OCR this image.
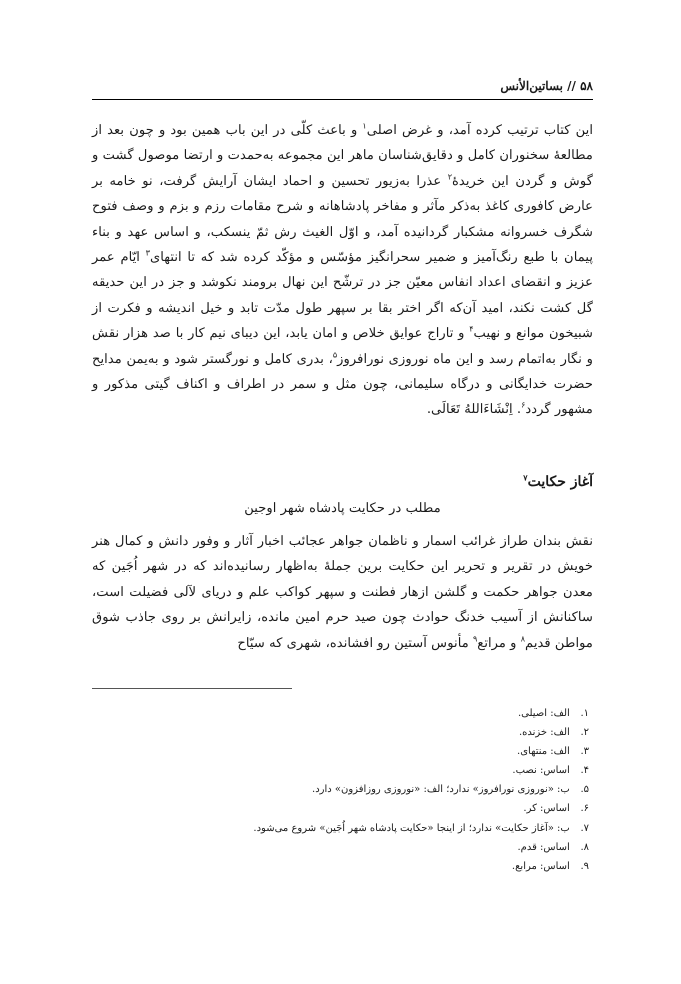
۵۸ // بساتین‌الأنس

این کتاب ترتیب کرده آمد، و غرض اصلی$^۱$ و باعث کلّی در این باب همین بود و چون بعد از مطالعهٔ سخنوران کامل و دقایق‌شناسان ماهر این مجموعه به‌حمدت و ارتضا موصول گشت و گوش و گردن این خریدهٔ$^۲$ عذرا به‌زیور تحسین و احماد ایشان آرایش گرفت، نو خامه بر عارض کافوری کاغذ به‌ذکر مآثر و مفاخر پادشاهانه و شرح مقامات رزم و بزم و وصف فتوح شگرف خسروانه مشکبار گردانیده آمد، و اوّل الغیث رش ثمّ ینسکب، و اساس عهد و بناء پیمان با طبع رنگ‌آمیز و ضمیر سحرانگیز مؤسّس و مؤکّد کرده شد که تا انتهای$^۳$ ایّام عمر عزیز و انقضای اعداد انفاس معیّن جز در ترشّح این نهال برومند نکوشد و جز در این حدیقه گل کشت نکند، امید آن‌که اگر اختر بقا بر سپهر طول مدّت تابد و خیل اندیشه و فکرت از شبیخون موانع و نهیب$^۴$ و تاراج عوایق خلاص و امان یابد، این دیبای نیم کار با صد هزار نقش و نگار به‌اتمام رسد و این ماه نوروزی نورافروز$^۵$، بدری کامل و نورگستر شود و به‌یمن مدایح حضرت خدایگانی و درگاه سلیمانی، چون مثل و سمر در اطراف و اکناف گیتی مذکور و مشهور گردد$^۶$. اِنْشَاءَاللهُ تَعَالَی.

آغاز حکایت$^۷$
مطلب در حکایت پادشاه شهر اوجین

نقش بندان طراز غرائب اسمار و ناظمان جواهر عجائب اخبار آثار و وفور دانش و کمال هنر خویش در تقریر و تحریر این حکایت برین جملهٔ به‌اظهار رسانیده‌اند که در شهر اُجَین که معدن جواهر حکمت و گلشن ازهار فطنت و سپهر کواکب علم و دریای لآلی فضیلت است، ساکنانش از آسیب خدنگ حوادث چون صید حرم امین مانده، زایرانش بر روی جاذب شوق مواطن قدیم$^۸$ و مراتع$^۹$ مأنوس آستین رو افشانده، شهری که سیّاح

۱. الف: اصیلی.
۲. الف: خزنده.
۳. الف: منتهای.
۴. اساس: نصب.
۵. ب: «نوروزی نورافروز» ندارد؛ الف: «نوروزی روزافزون» دارد.
۶. اساس: کر.
۷. ب: «آغاز حکایت» ندارد؛ از اینجا «حکایت پادشاه شهر اُجَین» شروع می‌شود.
۸. اساس: قدم.
۹. اساس: مرابع.
